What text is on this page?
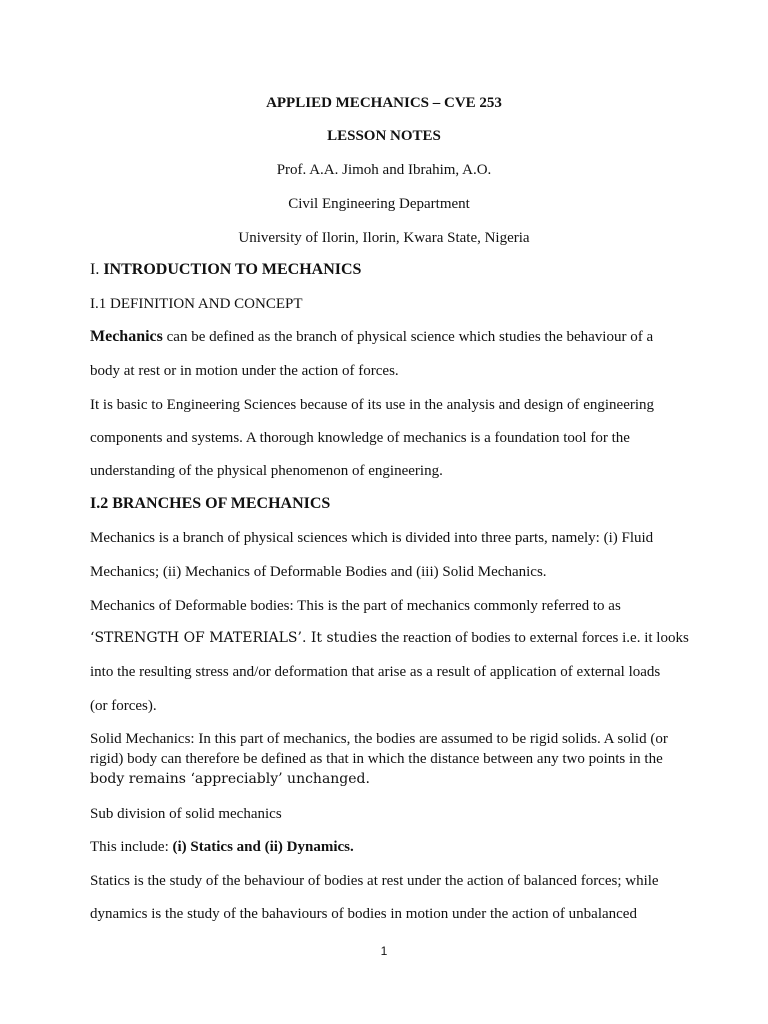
APPLIED MECHANICS – CVE 253
LESSON NOTES
Prof. A.A. Jimoh and Ibrahim, A.O.
Civil Engineering Department
University of Ilorin, Ilorin, Kwara State, Nigeria
I. INTRODUCTION TO MECHANICS
I.1 DEFINITION AND CONCEPT
Mechanics can be defined as the branch of physical science which studies the behaviour of a
body at rest or in motion under the action of forces.
It is basic to Engineering Sciences because of its use in the analysis and design of engineering
components and systems. A thorough knowledge of mechanics is a foundation tool for the
understanding of the physical phenomenon of engineering.
I.2 BRANCHES OF MECHANICS
Mechanics is a branch of physical sciences which is divided into three parts, namely: (i) Fluid
Mechanics; (ii) Mechanics of Deformable Bodies and (iii) Solid Mechanics.
Mechanics of Deformable bodies: This is the part of mechanics commonly referred to as
‘STRENGTH OF MATERIALS’. It studies the reaction of bodies to external forces i.e. it looks
into the resulting stress and/or deformation that arise as a result of application of external loads
(or forces).
Solid Mechanics: In this part of mechanics, the bodies are assumed to be rigid solids. A solid (or
rigid) body can therefore be defined as that in which the distance between any two points in the
body remains ‘appreciably’ unchanged.
Sub division of solid mechanics
This include: (i) Statics and (ii) Dynamics.
Statics is the study of the behaviour of bodies at rest under the action of balanced forces; while
dynamics is the study of the bahaviours of bodies in motion under the action of unbalanced
1
